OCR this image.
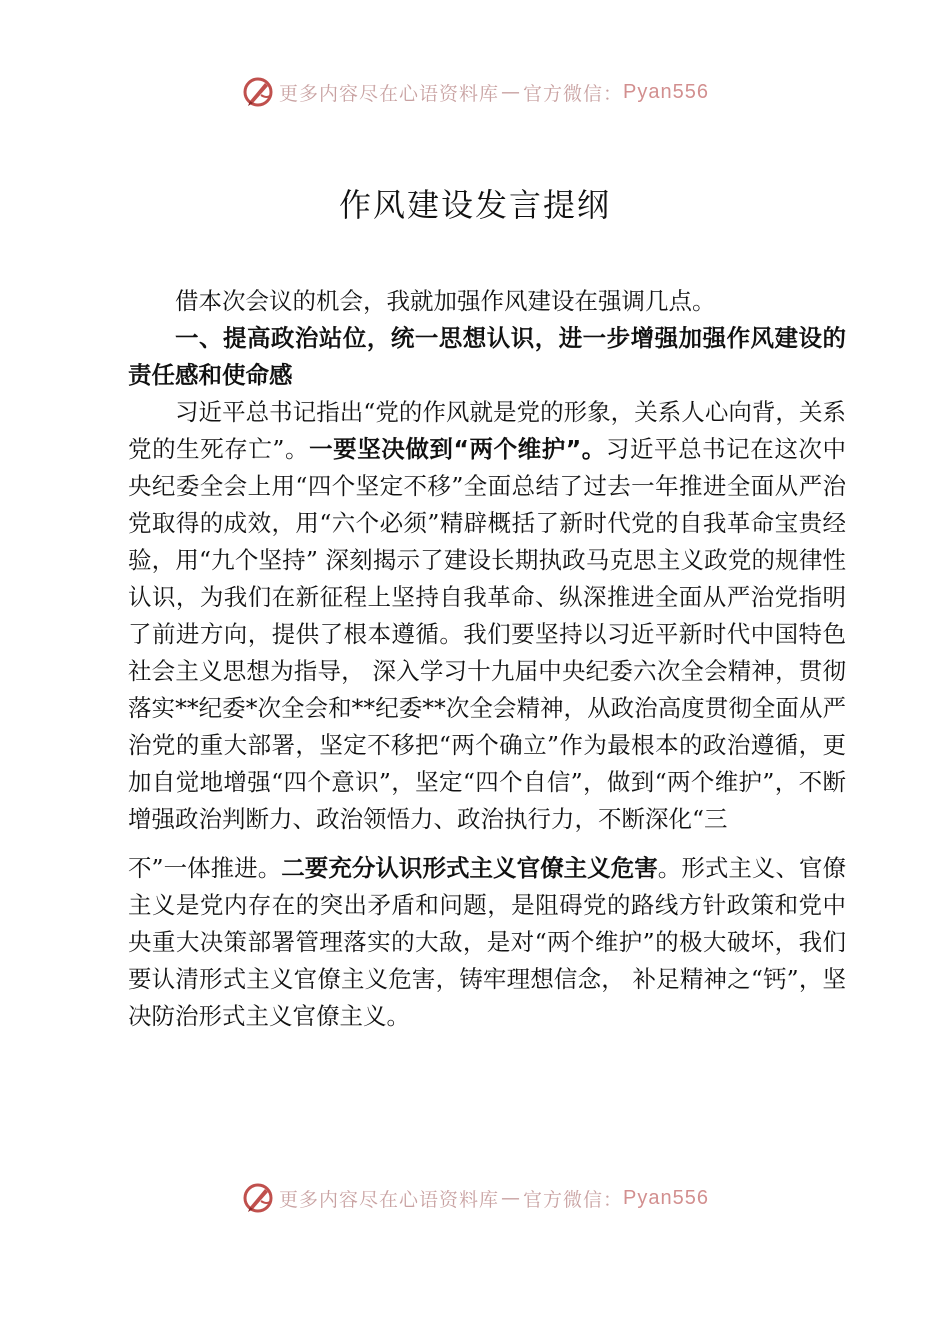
更多内容尽在心语资料库 — 官方微信： Pyan556
作风建设发言提纲

借本次会议的机会，我就加强作风建设在强调几点。

一、提高政治站位，统一思想认识，进一步增强加强作风建设的责任感和使命感

习近平总书记指出“党的作风就是党的形象，关系人心向背，关系党的生死存亡”。一要坚决做到“两个维护”。习近平总书记在这次中央纪委全会上用“四个坚定不移”全面总结了过去一年推进全面从严治党取得的成效，用“六个必须”精辟概括了新时代党的自我革命宝贵经验，用“九个坚持” 深刻揭示了建设长期执政马克思主义政党的规律性认识，为我们在新征程上坚持自我革命、纵深推进全面从严治党指明了前进方向，提供了根本遵循。我们要坚持以习近平新时代中国特色社会主义思想为指导， 深入学习十九届中央纪委六次全会精神，贯彻落实**纪委*次全会和**纪委**次全会精神，从政治高度贯彻全面从严治党的重大部署，坚定不移把“两个确立”作为最根本的政治遵循，更加自觉地增强“四个意识”，坚定“四个自信”，做到“两个维护”，不断增强政治判断力、政治领悟力、政治执行力，不断深化“三

不”一体推进。二要充分认识形式主义官僚主义危害。形式主义、官僚主义是党内存在的突出矛盾和问题，是阻碍党的路线方针政策和党中央重大决策部署管理落实的大敌，是对“两个维护”的极大破坏，我们要认清形式主义官僚主义危害，铸牢理想信念， 补足精神之“钙”，坚决防治形式主义官僚主义。

更多内容尽在心语资料库 — 官方微信： Pyan556
